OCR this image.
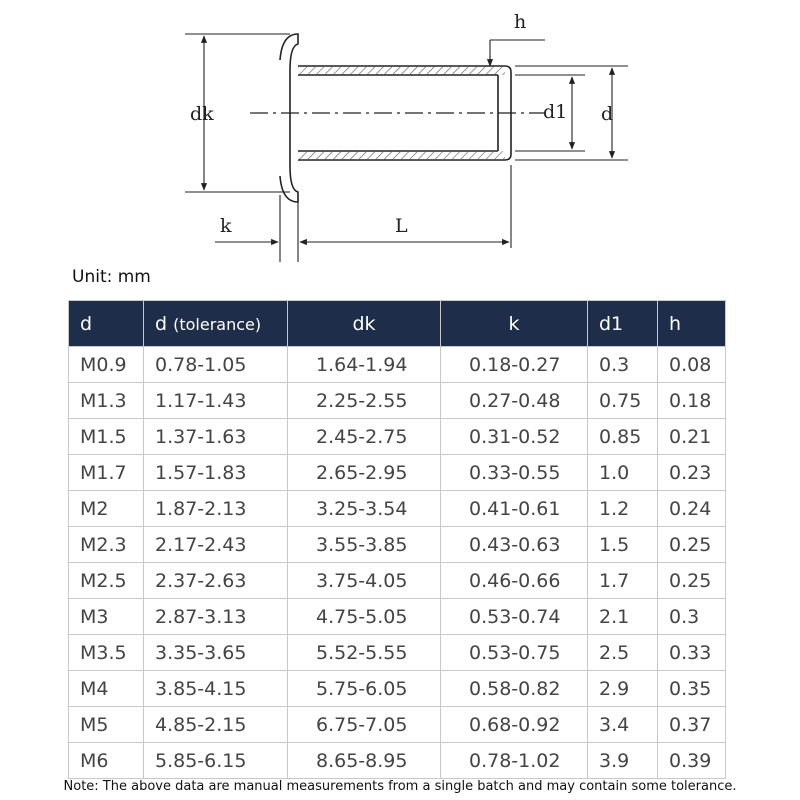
dk	d1 d
h
k	L
Unit: mm
d	d (tolerance)	dk	k	d1	h
M0.9	0.78-1.05	1.64-1.94	0.18-0.27	0.3	0.08
M1.3	1.17-1.43	2.25-2.55	0.27-0.48	0.75	0.18
M1.5	1.37-1.63	2.45-2.75	0.31-0.52	0.85	0.21
M1.7	1.57-1.83	2.65-2.95	0.33-0.55	1.0	0.23
M2	1.87-2.13	3.25-3.54	0.41-0.61	1.2	0.24
M2.3	2.17-2.43	3.55-3.85	0.43-0.63	1.5	0.25
M2.5	2.37-2.63	3.75-4.05	0.46-0.66	1.7	0.25
M3	2.87-3.13	4.75-5.05	0.53-0.74	2.1	0.3
M3.5	3.35-3.65	5.52-5.55	0.53-0.75	2.5	0.33
M4	3.85-4.15	5.75-6.05	0.58-0.82	2.9	0.35
M5	4.85-2.15	6.75-7.05	0.68-0.92	3.4	0.37
M6	5.85-6.15	8.65-8.95	0.78-1.02	3.9	0.39
Note: The above data are manual measurements from a single batch and may contain some tolerance.
